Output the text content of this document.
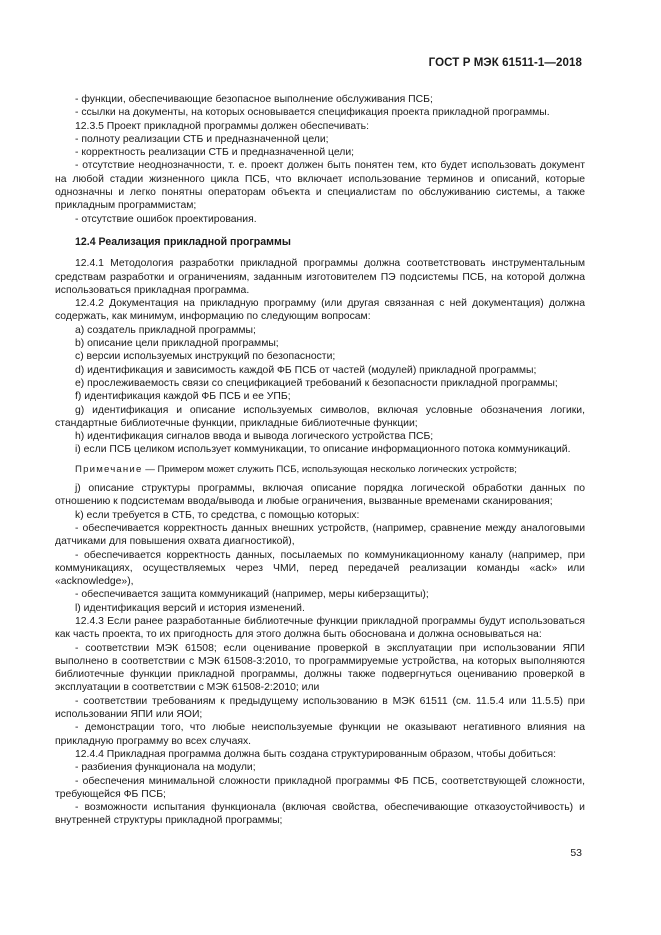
ГОСТ Р МЭК 61511-1—2018

- функции, обеспечивающие безопасное выполнение обслуживания ПСБ;

- ссылки на документы, на которых основывается спецификация проекта прикладной программы.

12.3.5 Проект прикладной программы должен обеспечивать:

- полноту реализации СТБ и предназначенной цели;

- корректность реализации СТБ и предназначенной цели;

- отсутствие неоднозначности, т. е. проект должен быть понятен тем, кто будет использовать документ на любой стадии жизненного цикла ПСБ, что включает использование терминов и описаний, которые однозначны и легко понятны операторам объекта и специалистам по обслуживанию системы, а также прикладным программистам;

- отсутствие ошибок проектирования.

12.4 Реализация прикладной программы

12.4.1 Методология разработки прикладной программы должна соответствовать инструментальным средствам разработки и ограничениям, заданным изготовителем ПЭ подсистемы ПСБ, на которой должна использоваться прикладная программа.

12.4.2 Документация на прикладную программу (или другая связанная с ней документация) должна содержать, как минимум, информацию по следующим вопросам:

a) создатель прикладной программы;

b) описание цели прикладной программы;

c) версии используемых инструкций по безопасности;

d) идентификация и зависимость каждой ФБ ПСБ от частей (модулей) прикладной программы;

e) прослеживаемость связи со спецификацией требований к безопасности прикладной программы;

f) идентификация каждой ФБ ПСБ и ее УПБ;

g) идентификация и описание используемых символов, включая условные обозначения логики, стандартные библиотечные функции, прикладные библиотечные функции;

h) идентификация сигналов ввода и вывода логического устройства ПСБ;

i) если ПСБ целиком использует коммуникации, то описание информационного потока коммуникаций.

Примечание — Примером может служить ПСБ, использующая несколько логических устройств;

j) описание структуры программы, включая описание порядка логической обработки данных по отношению к подсистемам ввода/вывода и любые ограничения, вызванные временами сканирования;

k) если требуется в СТБ, то средства, с помощью которых:

- обеспечивается корректность данных внешних устройств, (например, сравнение между аналоговыми датчиками для повышения охвата диагностикой),

- обеспечивается корректность данных, посылаемых по коммуникационному каналу (например, при коммуникациях, осуществляемых через ЧМИ, перед передачей реализации команды «ack» или «acknowledge»),

- обеспечивается защита коммуникаций (например, меры киберзащиты);

l) идентификация версий и история изменений.

12.4.3 Если ранее разработанные библиотечные функции прикладной программы будут использоваться как часть проекта, то их пригодность для этого должна быть обоснована и должна основываться на:

- соответствии МЭК 61508; если оценивание проверкой в эксплуатации при использовании ЯПИ выполнено в соответствии с МЭК 61508-3:2010, то программируемые устройства, на которых выполняются библиотечные функции прикладной программы, должны также подвергнуться оцениванию проверкой в эксплуатации в соответствии с МЭК 61508-2:2010; или

- соответствии требованиям к предыдущему использованию в МЭК 61511 (см. 11.5.4 или 11.5.5) при использовании ЯПИ или ЯОИ;

- демонстрации того, что любые неиспользуемые функции не оказывают негативного влияния на прикладную программу во всех случаях.

12.4.4 Прикладная программа должна быть создана структурированным образом, чтобы добиться:

- разбиения функционала на модули;

- обеспечения минимальной сложности прикладной программы ФБ ПСБ, соответствующей сложности, требующейся ФБ ПСБ;

- возможности испытания функционала (включая свойства, обеспечивающие отказоустойчивость) и внутренней структуры прикладной программы;

53
